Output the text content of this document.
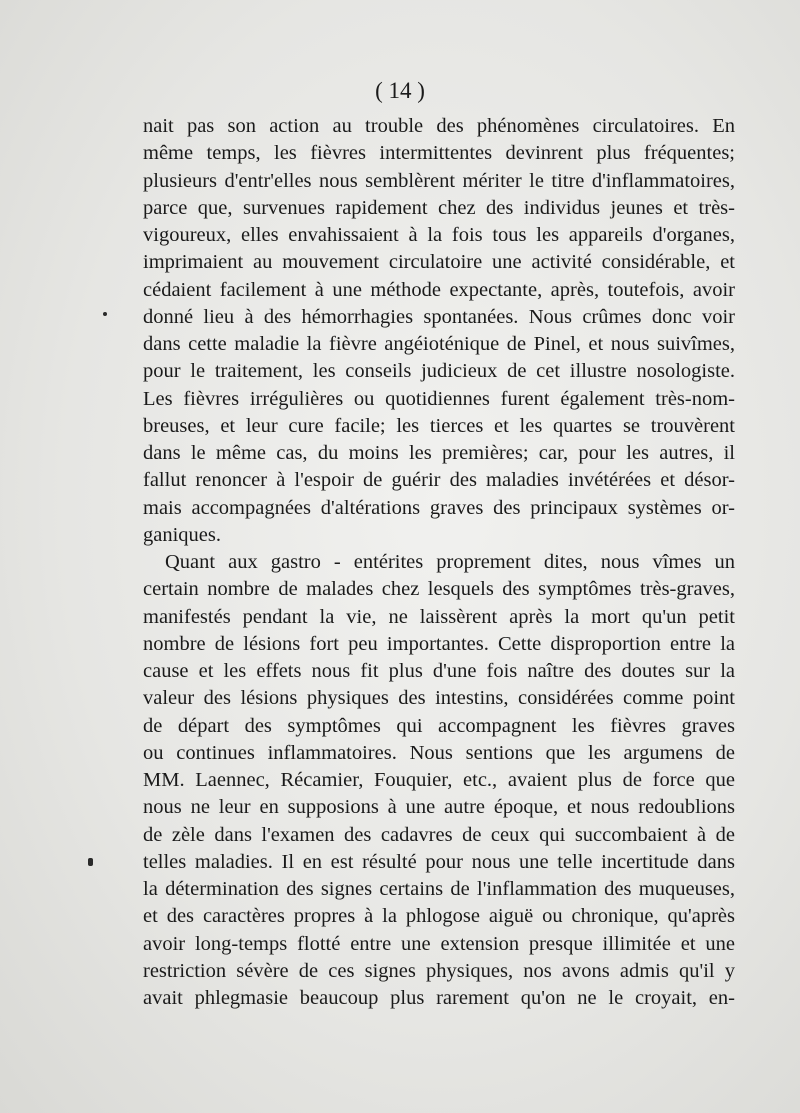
( 14 )
nait pas son action au trouble des phénomènes circulatoires. En
même temps, les fièvres intermittentes devinrent plus fréquentes;
plusieurs d'entr'elles nous semblèrent mériter le titre d'inflammatoires,
parce que, survenues rapidement chez des individus jeunes et très-
vigoureux, elles envahissaient à la fois tous les appareils d'organes,
imprimaient au mouvement circulatoire une activité considérable, et
cédaient facilement à une méthode expectante, après, toutefois, avoir
donné lieu à des hémorrhagies spontanées. Nous crûmes donc voir
dans cette maladie la fièvre angéioténique de Pinel, et nous suivîmes,
pour le traitement, les conseils judicieux de cet illustre nosologiste.
Les fièvres irrégulières ou quotidiennes furent également très-nom-
breuses, et leur cure facile; les tierces et les quartes se trouvèrent
dans le même cas, du moins les premières; car, pour les autres, il
fallut renoncer à l'espoir de guérir des maladies invétérées et désor-
mais accompagnées d'altérations graves des principaux systèmes or-
ganiques.
Quant aux gastro - entérites proprement dites, nous vîmes un
certain nombre de malades chez lesquels des symptômes très-graves,
manifestés pendant la vie, ne laissèrent après la mort qu'un petit
nombre de lésions fort peu importantes. Cette disproportion entre la
cause et les effets nous fit plus d'une fois naître des doutes sur la
valeur des lésions physiques des intestins, considérées comme point
de départ des symptômes qui accompagnent les fièvres graves
ou continues inflammatoires. Nous sentions que les argumens de
MM. Laennec, Récamier, Fouquier, etc., avaient plus de force que
nous ne leur en supposions à une autre époque, et nous redoublions
de zèle dans l'examen des cadavres de ceux qui succombaient à de
telles maladies. Il en est résulté pour nous une telle incertitude dans
la détermination des signes certains de l'inflammation des muqueuses,
et des caractères propres à la phlogose aiguë ou chronique, qu'après
avoir long-temps flotté entre une extension presque illimitée et une
restriction sévère de ces signes physiques, nos avons admis qu'il y
avait phlegmasie beaucoup plus rarement qu'on ne le croyait, en-
